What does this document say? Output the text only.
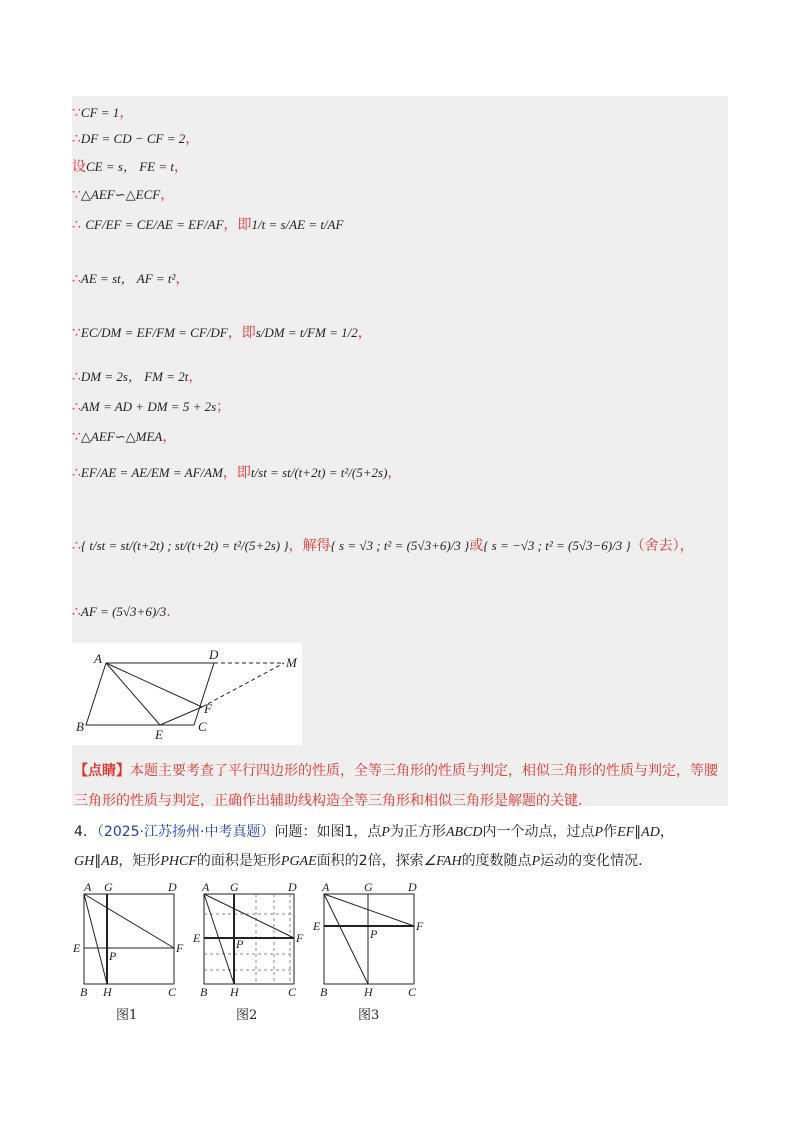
∵CF = 1，
∴DF = CD − CF = 2，
设CE = s， FE = t，
∵△AEF∽△ECF，
∴ CF/EF = CE/AE = EF/AF，即1/t = s/AE = t/AF
∴AE = st， AF = t²，
∵EC/DM = EF/FM = CF/DF，即s/DM = t/FM = 1/2，
∴DM = 2s， FM = 2t，
∴AM = AD + DM = 5 + 2s；
∵△AEF∽△MEA，
∴EF/AE = AE/EM = AF/AM，即t/st = st/(t+2t) = t²/(5+2s)，
∴{ t/st = st/(t+2t) ; st/(t+2t) = t²/(5+2s) }，解得{ s = √3 ; t² = (5√3+6)/3 }或{ s = −√3 ; t² = (5√3−6)/3 }（舍去），
∴AF = (5√3+6)/3.
A	D
M
F
B
E
C
【点睛】本题主要考查了平行四边形的性质，全等三角形的性质与判定，相似三角形的性质与判定，等腰三角形的性质与判定，正确作出辅助线构造全等三角形和相似三角形是解题的关键.
4．（2025·江苏扬州·中考真题）问题：如图1，点P为正方形ABCD内一个动点，过点P作EF∥AD，
GH∥AB，矩形PHCF的面积是矩形PGAE面积的2倍，探索∠FAH的度数随点P运动的变化情况.
A G	D
E
P
F
B H	C
A G	D
E	P	F
B H	C
A	G	D
E
P
F
B	H	C
图1	图2	图3
